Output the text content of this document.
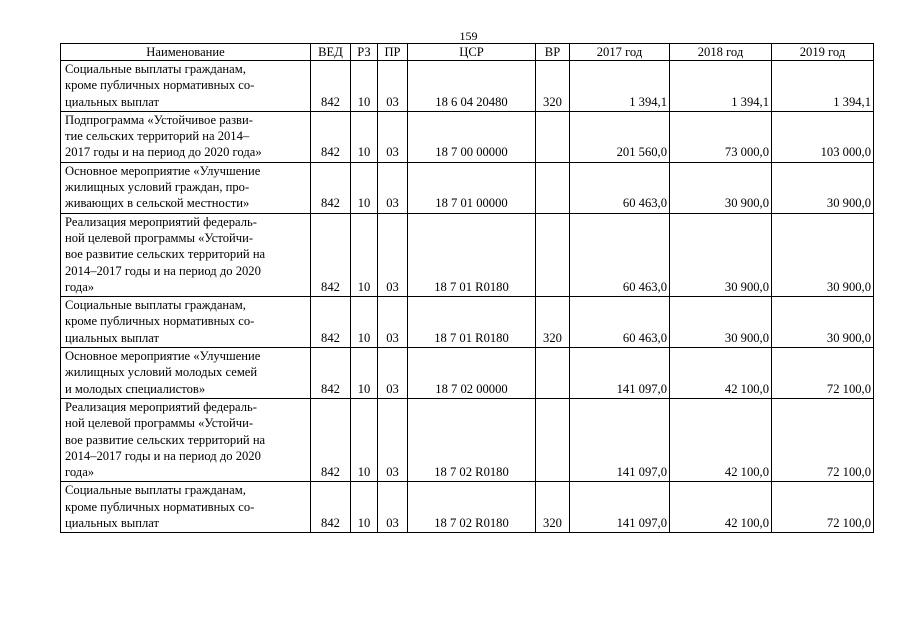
159
Наименование	ВЕД	РЗ	ПР	ЦСР	ВР	2017 год	2018 год	2019 год

Социальные выплаты гражданам,
кроме публичных нормативных со-
циальных выплат	842	10	03	18 6 04 20480	320	1 394,1	1 394,1	1 394,1

Подпрограмма «Устойчивое разви-
тие сельских территорий на 2014–
2017 годы и на период до 2020 года»	842	10	03	18 7 00 00000		201 560,0	73 000,0	103 000,0

Основное мероприятие «Улучшение
жилищных условий граждан, про-
живающих в сельской местности»	842	10	03	18 7 01 00000		60 463,0	30 900,0	30 900,0

Реализация мероприятий федераль-
ной целевой программы «Устойчи-
вое развитие сельских территорий на
2014–2017 годы и на период до 2020
года»	842	10	03	18 7 01 R0180		60 463,0	30 900,0	30 900,0

Социальные выплаты гражданам,
кроме публичных нормативных со-
циальных выплат	842	10	03	18 7 01 R0180	320	60 463,0	30 900,0	30 900,0

Основное мероприятие «Улучшение
жилищных условий молодых семей
и молодых специалистов»	842	10	03	18 7 02 00000		141 097,0	42 100,0	72 100,0

Реализация мероприятий федераль-
ной целевой программы «Устойчи-
вое развитие сельских территорий на
2014–2017 годы и на период до 2020
года»	842	10	03	18 7 02 R0180		141 097,0	42 100,0	72 100,0

Социальные выплаты гражданам,
кроме публичных нормативных со-
циальных выплат	842	10	03	18 7 02 R0180	320	141 097,0	42 100,0	72 100,0
